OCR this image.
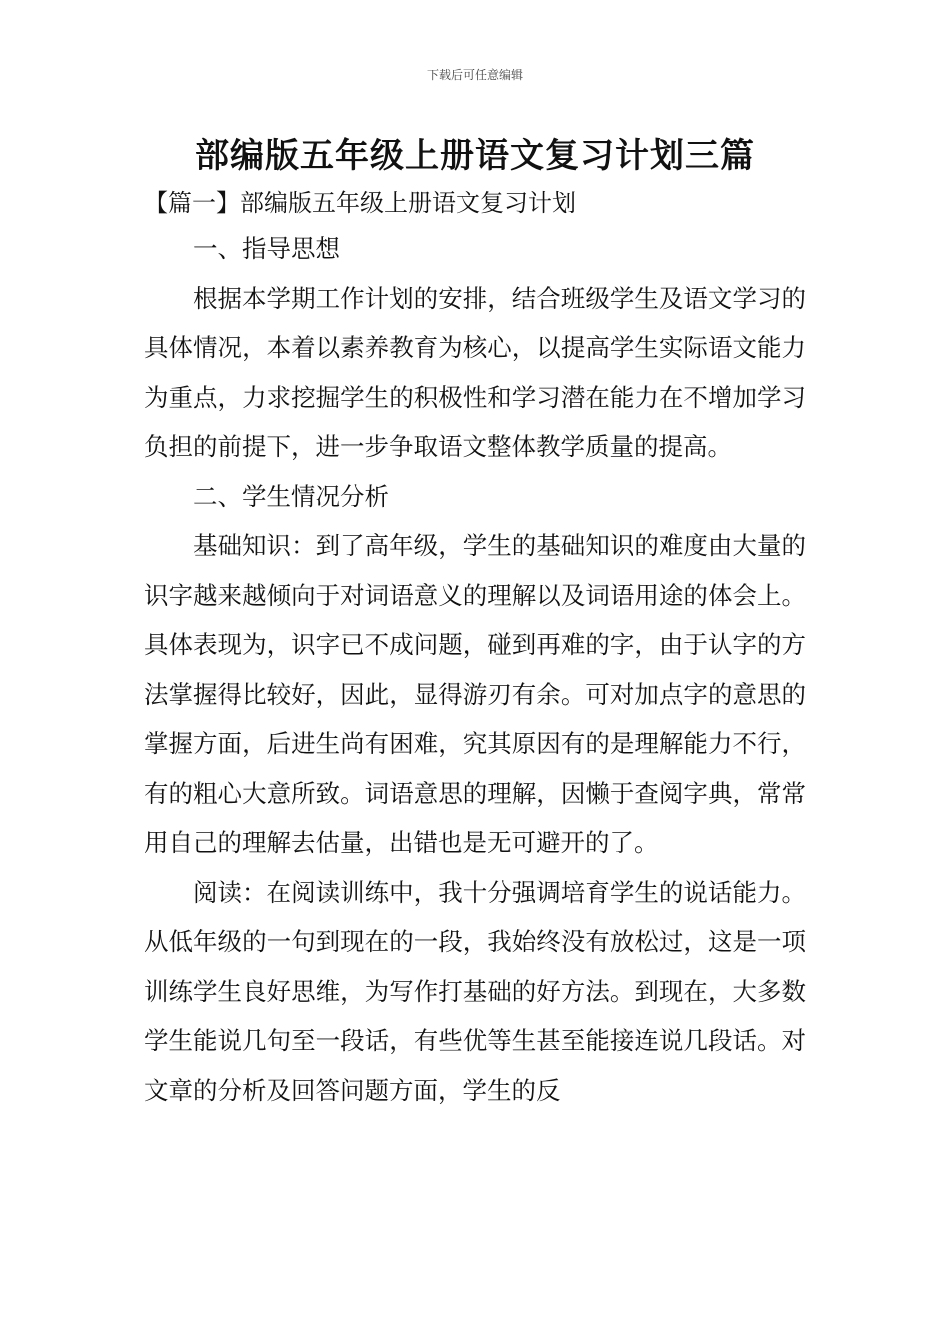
下载后可任意编辑
部编版五年级上册语文复习计划三篇
【篇一】部编版五年级上册语文复习计划

一、指导思想

根据本学期工作计划的安排，结合班级学生及语文学习的具体情况，本着以素养教育为核心，以提高学生实际语文能力为重点，力求挖掘学生的积极性和学习潜在能力在不增加学习负担的前提下，进一步争取语文整体教学质量的提高。

二、学生情况分析

基础知识：到了高年级，学生的基础知识的难度由大量的识字越来越倾向于对词语意义的理解以及词语用途的体会上。具体表现为，识字已不成问题，碰到再难的字，由于认字的方法掌握得比较好，因此，显得游刃有余。可对加点字的意思的掌握方面，后进生尚有困难，究其原因有的是理解能力不行，有的粗心大意所致。词语意思的理解，因懒于查阅字典，常常用自己的理解去估量，出错也是无可避开的了。

阅读：在阅读训练中，我十分强调培育学生的说话能力。从低年级的一句到现在的一段，我始终没有放松过，这是一项训练学生良好思维，为写作打基础的好方法。到现在，大多数学生能说几句至一段话，有些优等生甚至能接连说几段话。对文章的分析及回答问题方面，学生的反
